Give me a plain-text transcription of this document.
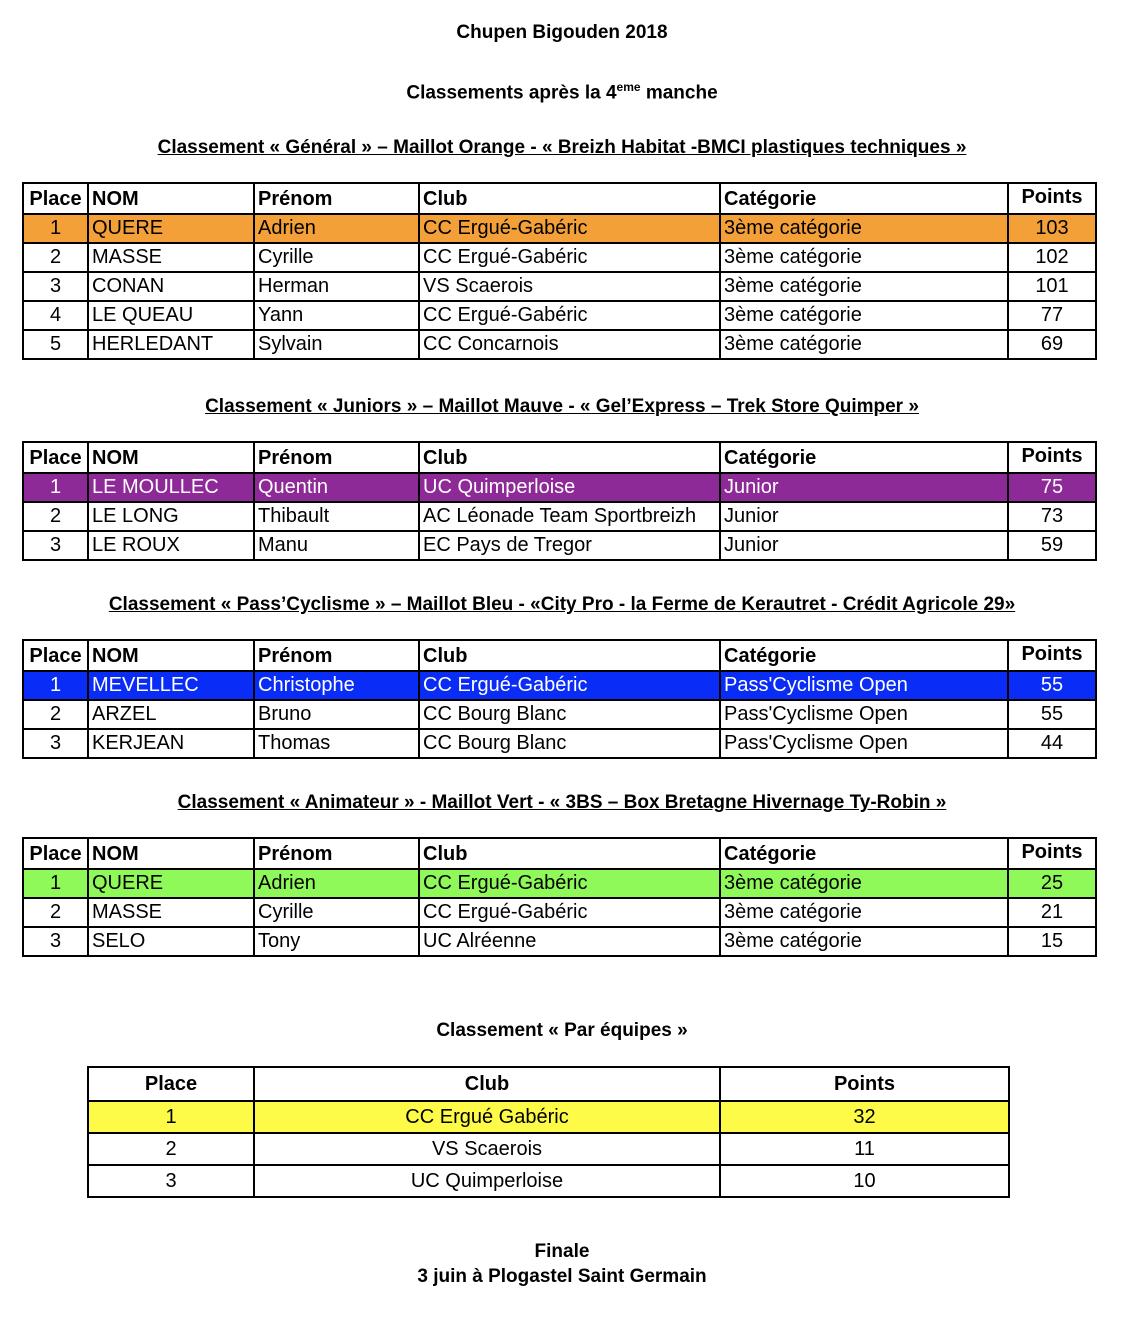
Chupen Bigouden 2018
Classements après la 4eme manche
Classement « Général » – Maillot Orange - « Breizh Habitat -BMCI plastiques techniques »
Place	NOM	Prénom	Club	Catégorie	Points
1	QUERE	Adrien	CC Ergué-Gabéric	3ème catégorie	103
2	MASSE	Cyrille	CC Ergué-Gabéric	3ème catégorie	102
3	CONAN	Herman	VS Scaerois	3ème catégorie	101
4	LE QUEAU	Yann	CC Ergué-Gabéric	3ème catégorie	77
5	HERLEDANT	Sylvain	CC Concarnois	3ème catégorie	69
Classement « Juniors » – Maillot Mauve - « Gel’Express – Trek Store Quimper »
Place	NOM	Prénom	Club	Catégorie	Points
1	LE MOULLEC	Quentin	UC Quimperloise	Junior	75
2	LE LONG	Thibault	AC Léonade Team Sportbreizh	Junior	73
3	LE ROUX	Manu	EC Pays de Tregor	Junior	59
Classement « Pass’Cyclisme » – Maillot Bleu - «City Pro - la Ferme de Kerautret - Crédit Agricole 29»
Place	NOM	Prénom	Club	Catégorie	Points
1	MEVELLEC	Christophe	CC Ergué-Gabéric	Pass'Cyclisme Open	55
2	ARZEL	Bruno	CC Bourg Blanc	Pass'Cyclisme Open	55
3	KERJEAN	Thomas	CC Bourg Blanc	Pass'Cyclisme Open	44
Classement « Animateur » - Maillot Vert - « 3BS – Box Bretagne Hivernage Ty-Robin »
Place	NOM	Prénom	Club	Catégorie	Points
1	QUERE	Adrien	CC Ergué-Gabéric	3ème catégorie	25
2	MASSE	Cyrille	CC Ergué-Gabéric	3ème catégorie	21
3	SELO	Tony	UC Alréenne	3ème catégorie	15
Classement « Par équipes »
Place	Club	Points
1	CC Ergué Gabéric	32
2	VS Scaerois	11
3	UC Quimperloise	10
Finale
3 juin à Plogastel Saint Germain
